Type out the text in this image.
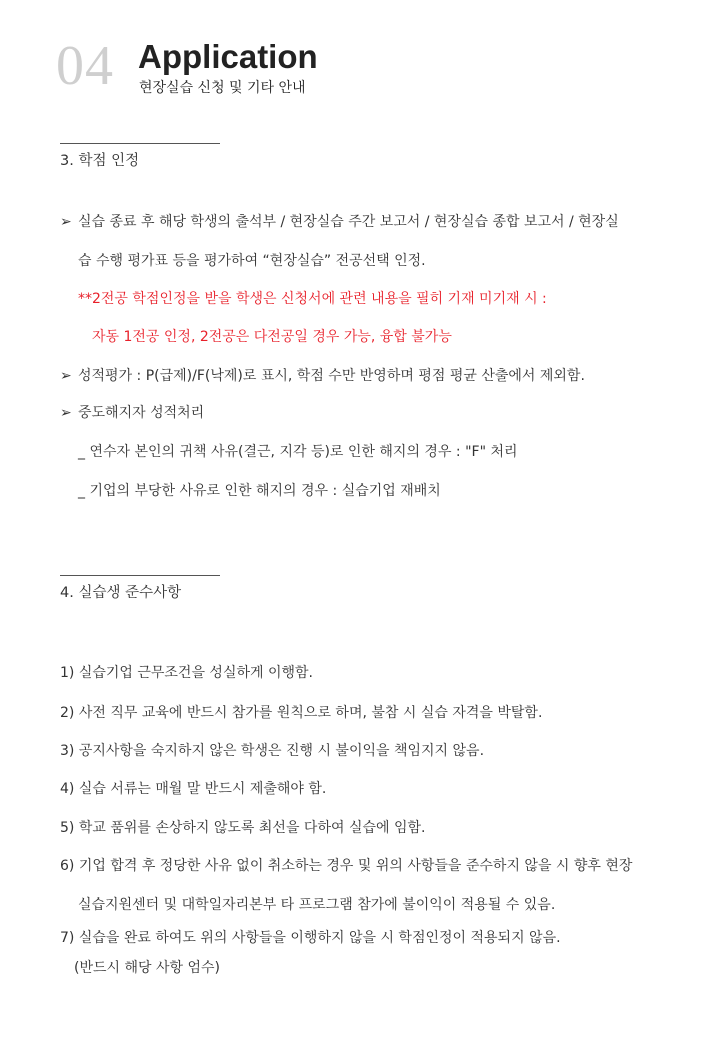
04 Application
현장실습 신청 및 기타 안내
3. 학점 인정
➢ 실습 종료 후 해당 학생의 출석부 / 현장실습 주간 보고서 / 현장실습 종합 보고서 / 현장실
습 수행 평가표 등을 평가하여 “현장실습” 전공선택 인정.
**2전공 학점인정을 받을 학생은 신청서에 관련 내용을 필히 기재 미기재 시 :
자동 1전공 인정, 2전공은 다전공일 경우 가능, 융합 불가능
➢ 성적평가 : P(급제)/F(낙제)로 표시, 학점 수만 반영하며 평점 평균 산출에서 제외함.
➢ 중도해지자 성적처리
_ 연수자 본인의 귀책 사유(결근, 지각 등)로 인한 해지의 경우 : "F" 처리
_ 기업의 부당한 사유로 인한 해지의 경우 : 실습기업 재배치
4. 실습생 준수사항
1) 실습기업 근무조건을 성실하게 이행함.
2) 사전 직무 교육에 반드시 참가를 원칙으로 하며, 불참 시 실습 자격을 박탈함.
3) 공지사항을 숙지하지 않은 학생은 진행 시 불이익을 책임지지 않음.
4) 실습 서류는 매월 말 반드시 제출해야 함.
5) 학교 품위를 손상하지 않도록 최선을 다하여 실습에 임함.
6) 기업 합격 후 정당한 사유 없이 취소하는 경우 및 위의 사항들을 준수하지 않을 시 향후 현장
실습지원센터 및 대학일자리본부 타 프로그램 참가에 불이익이 적용될 수 있음.
7) 실습을 완료 하여도 위의 사항들을 이행하지 않을 시 학점인정이 적용되지 않음.
(반드시 해당 사항 엄수)
